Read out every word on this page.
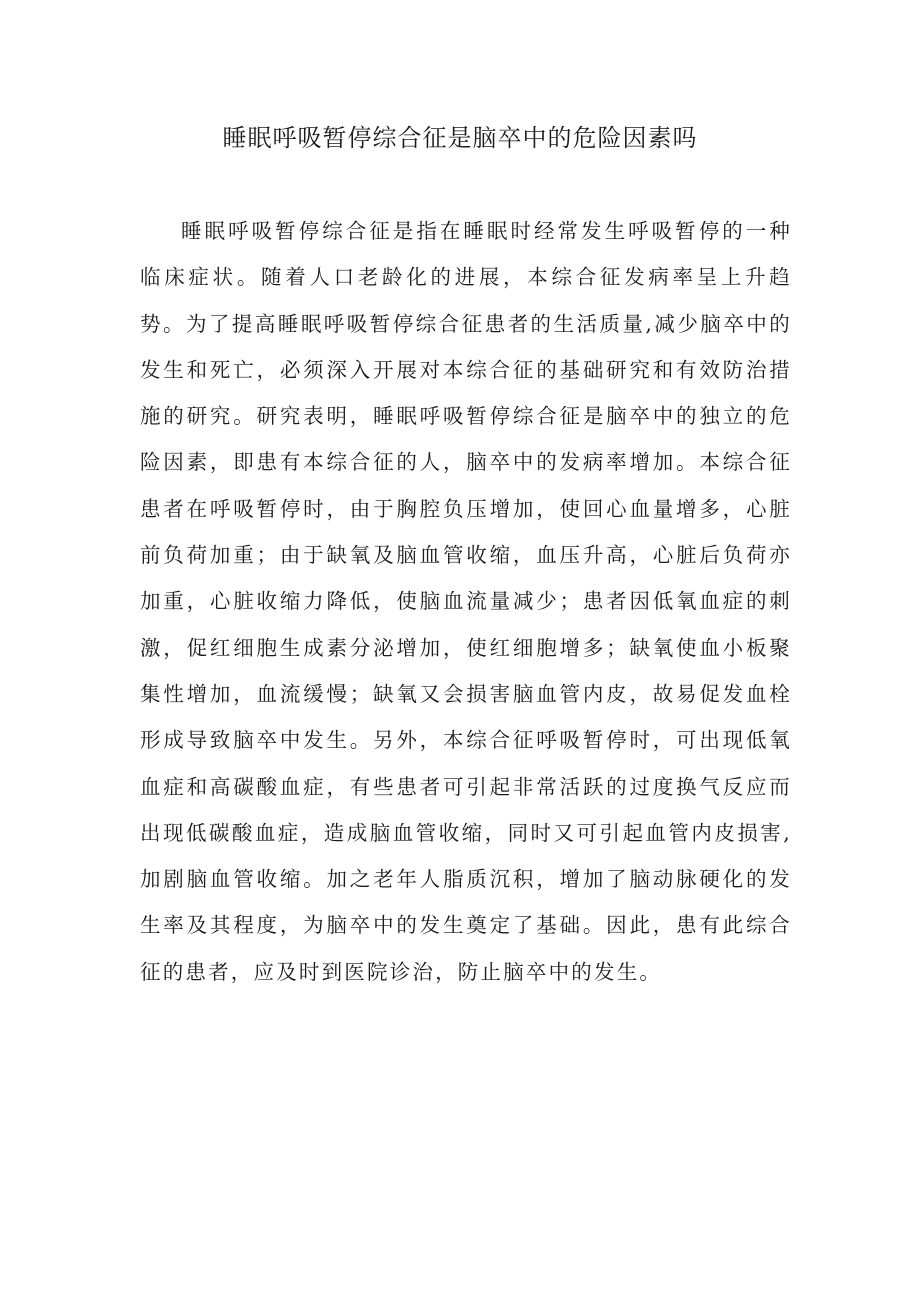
睡眠呼吸暂停综合征是脑卒中的危险因素吗

睡眠呼吸暂停综合征是指在睡眠时经常发生呼吸暂停的一种临床症状。随着人口老龄化的进展，本综合征发病率呈上升趋势。为了提高睡眠呼吸暂停综合征患者的生活质量,减少脑卒中的发生和死亡，必须深入开展对本综合征的基础研究和有效防治措施的研究。研究表明，睡眠呼吸暂停综合征是脑卒中的独立的危险因素，即患有本综合征的人，脑卒中的发病率增加。本综合征患者在呼吸暂停时，由于胸腔负压增加，使回心血量增多，心脏前负荷加重；由于缺氧及脑血管收缩，血压升高，心脏后负荷亦加重，心脏收缩力降低，使脑血流量减少；患者因低氧血症的刺激，促红细胞生成素分泌增加，使红细胞增多；缺氧使血小板聚集性增加，血流缓慢；缺氧又会损害脑血管内皮，故易促发血栓形成导致脑卒中发生。另外，本综合征呼吸暂停时，可出现低氧血症和高碳酸血症，有些患者可引起非常活跃的过度换气反应而出现低碳酸血症，造成脑血管收缩，同时又可引起血管内皮损害,加剧脑血管收缩。加之老年人脂质沉积，增加了脑动脉硬化的发生率及其程度，为脑卒中的发生奠定了基础。因此，患有此综合征的患者，应及时到医院诊治，防止脑卒中的发生。
